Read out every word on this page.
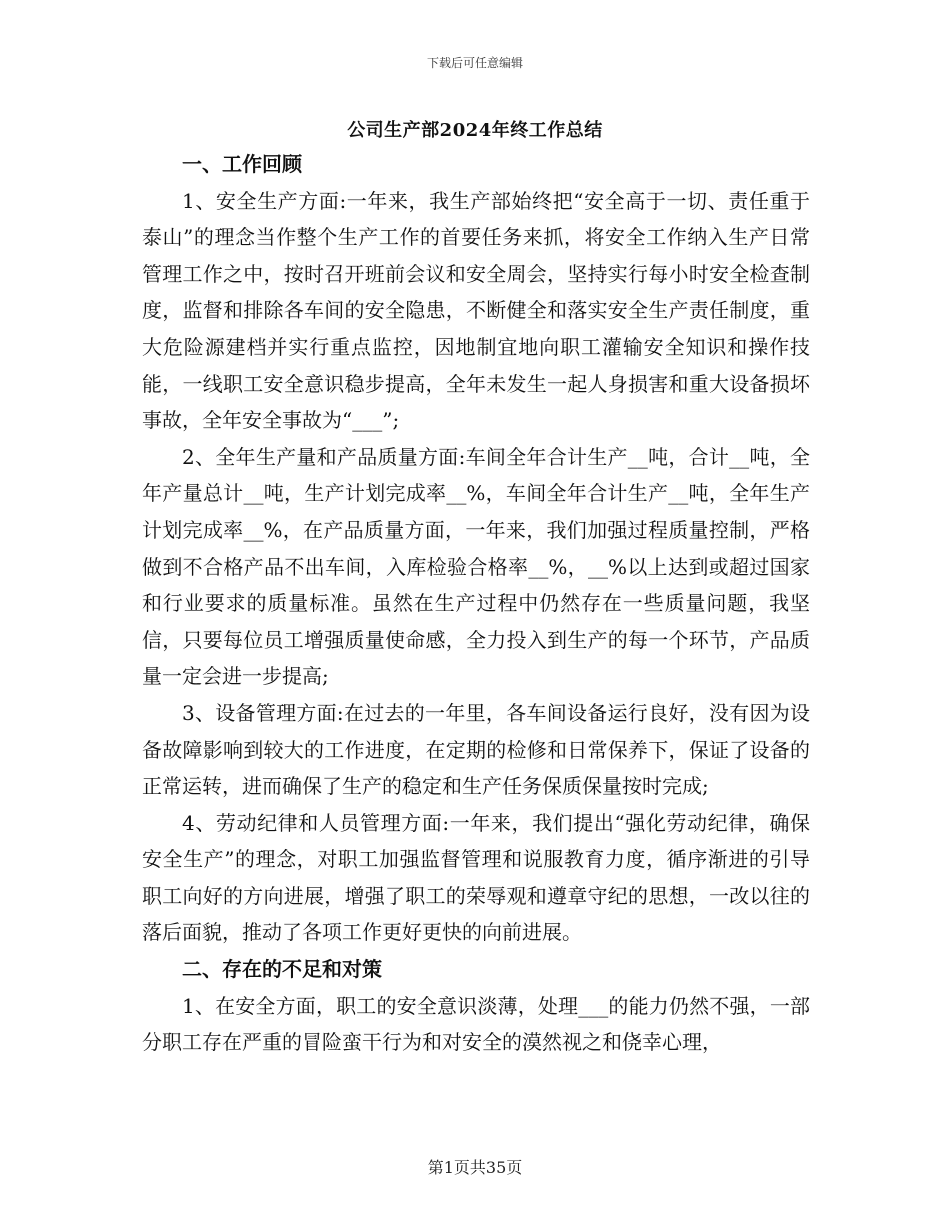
下载后可任意编辑
公司生产部2024年终工作总结
一、工作回顾

1、安全生产方面:一年来，我生产部始终把“安全高于一切、责任重于泰山”的理念当作整个生产工作的首要任务来抓，将安全工作纳入生产日常管理工作之中，按时召开班前会议和安全周会，坚持实行每小时安全检查制度，监督和排除各车间的安全隐患，不断健全和落实安全生产责任制度，重大危险源建档并实行重点监控，因地制宜地向职工灌输安全知识和操作技能，一线职工安全意识稳步提高，全年未发生一起人身损害和重大设备损坏事故，全年安全事故为“___”;

2、全年生产量和产品质量方面:车间全年合计生产__吨，合计__吨，全年产量总计__吨，生产计划完成率__%，车间全年合计生产__吨，全年生产计划完成率__%，在产品质量方面，一年来，我们加强过程质量控制，严格做到不合格产品不出车间，入库检验合格率__%，__%以上达到或超过国家和行业要求的质量标准。虽然在生产过程中仍然存在一些质量问题，我坚信，只要每位员工增强质量使命感，全力投入到生产的每一个环节，产品质量一定会进一步提高;

3、设备管理方面:在过去的一年里，各车间设备运行良好，没有因为设备故障影响到较大的工作进度，在定期的检修和日常保养下，保证了设备的正常运转，进而确保了生产的稳定和生产任务保质保量按时完成;

4、劳动纪律和人员管理方面:一年来，我们提出“强化劳动纪律，确保安全生产”的理念，对职工加强监督管理和说服教育力度，循序渐进的引导职工向好的方向进展，增强了职工的荣辱观和遵章守纪的思想，一改以往的落后面貌，推动了各项工作更好更快的向前进展。

二、存在的不足和对策

1、在安全方面，职工的安全意识淡薄，处理___的能力仍然不强，一部分职工存在严重的冒险蛮干行为和对安全的漠然视之和侥幸心理，

第1页共35页
